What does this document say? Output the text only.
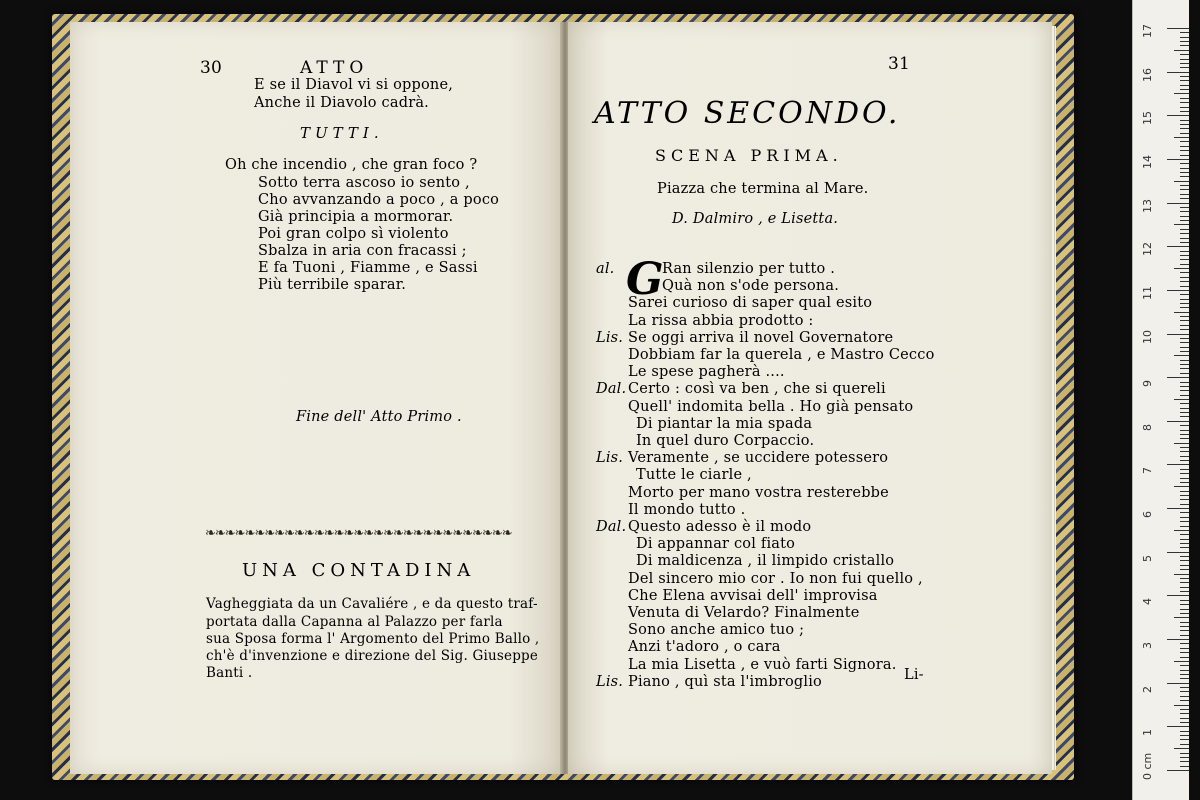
30	ATTO
E se il Diavol vi si oppone,
Anche il Diavolo cadrà.
TUTTI.
Oh che incendio , che gran foco ?
Sotto terra ascoso io sento ,
Cho avvanzando a poco , a poco
Già principia a mormorar.
Poi gran colpo sì violento
Sbalza in aria con fracassi ;
E fa Tuoni , Fiamme , e Sassi
Più terribile sparar.
Fine dell' Atto Primo .
❧❧❧❧❧❧❧❧❧❧❧❧❧❧❧❧❧❧❧❧❧❧❧❧❧❧❧❧❧❧❧
UNA CONTADINA
Vagheggiata da un Cavaliére , e da questo traf-
portata dalla Capanna al Palazzo per farla
sua Sposa forma l' Argomento del Primo Ballo ,
ch'è d'invenzione e direzione del Sig. Giuseppe
Banti .
31
ATTO SECONDO.
SCENA PRIMA.
Piazza che termina al Mare.
D. Dalmiro , e Lisetta.
G
al.	Ran silenzio per tutto .
Quà non s'ode persona.
Sarei curioso di saper qual esito
La rissa abbia prodotto :
Lis. Se oggi arriva il novel Governatore
Dobbiam far la querela , e Mastro Cecco
Le spese pagherà ....
Dal. Certo : così va ben , che si quereli
Quell' indomita bella . Ho già pensato
Di piantar la mia spada
In quel duro Corpaccio.
Lis. Veramente , se uccidere potessero
Tutte le ciarle ,
Morto per mano vostra resterebbe
Il mondo tutto .
Dal. Questo adesso è il modo
Di appannar col fiato
Di maldicenza , il limpido cristallo
Del sincero mio cor . Io non fui quello ,
Che Elena avvisai dell' improvisa
Venuta di Velardo? Finalmente
Sono anche amico tuo ;
Anzi t'adoro , o cara
La mia Lisetta , e vuò farti Signora.
Lis. Piano , quì sta l'imbroglio	Li-
17
16
15
14
13
12
11
10
9
8
7
6
5
4
3
2
1
0 cm
